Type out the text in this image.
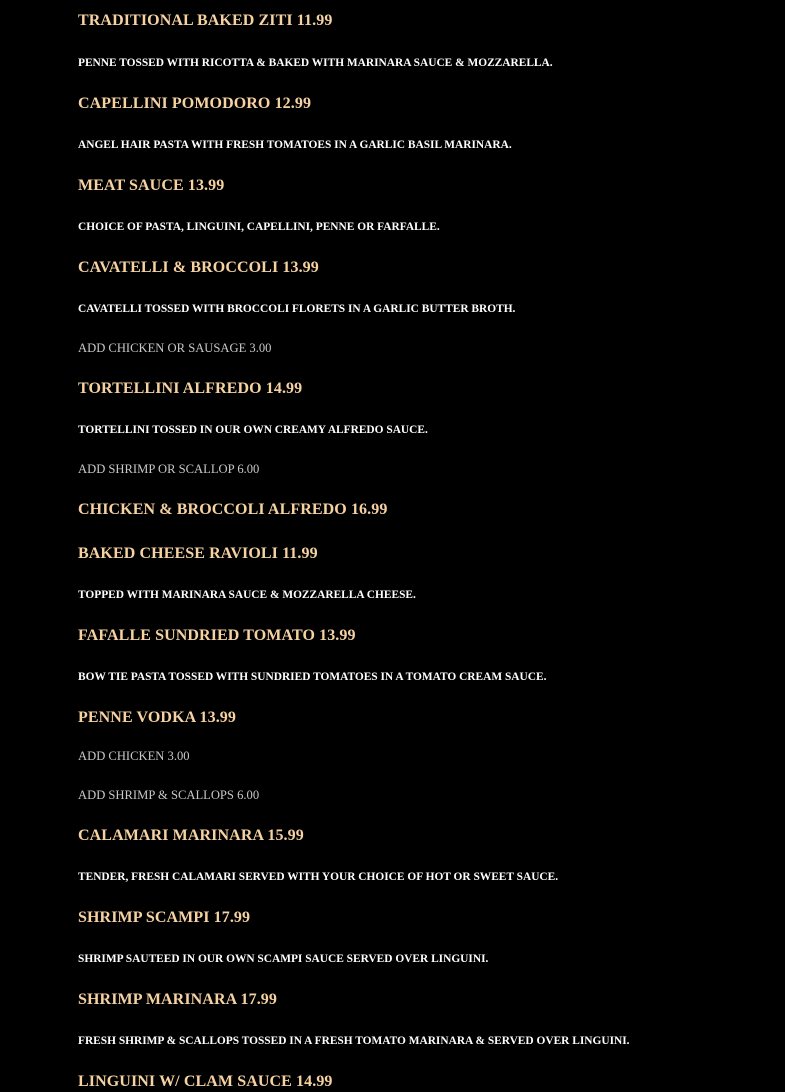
TRADITIONAL BAKED ZITI 11.99
PENNE TOSSED WITH RICOTTA & BAKED WITH MARINARA SAUCE & MOZZARELLA.
CAPELLINI POMODORO 12.99
ANGEL HAIR PASTA WITH FRESH TOMATOES IN A GARLIC BASIL MARINARA.
MEAT SAUCE 13.99
CHOICE OF PASTA, LINGUINI, CAPELLINI, PENNE OR FARFALLE.
CAVATELLI & BROCCOLI 13.99
CAVATELLI TOSSED WITH BROCCOLI FLORETS IN A GARLIC BUTTER BROTH.
ADD CHICKEN OR SAUSAGE 3.00
TORTELLINI ALFREDO 14.99
TORTELLINI TOSSED IN OUR OWN CREAMY ALFREDO SAUCE.
ADD SHRIMP OR SCALLOP 6.00
CHICKEN & BROCCOLI ALFREDO 16.99
BAKED CHEESE RAVIOLI 11.99
TOPPED WITH MARINARA SAUCE & MOZZARELLA CHEESE.
FAFALLE SUNDRIED TOMATO 13.99
BOW TIE PASTA TOSSED WITH SUNDRIED TOMATOES IN A TOMATO CREAM SAUCE.
PENNE VODKA 13.99
ADD CHICKEN 3.00
ADD SHRIMP & SCALLOPS 6.00
CALAMARI MARINARA 15.99
TENDER, FRESH CALAMARI SERVED WITH YOUR CHOICE OF HOT OR SWEET SAUCE.
SHRIMP SCAMPI 17.99
SHRIMP SAUTEED IN OUR OWN SCAMPI SAUCE SERVED OVER LINGUINI.
SHRIMP MARINARA 17.99
FRESH SHRIMP & SCALLOPS TOSSED IN A FRESH TOMATO MARINARA & SERVED OVER LINGUINI.
LINGUINI W/ CLAM SAUCE 14.99
